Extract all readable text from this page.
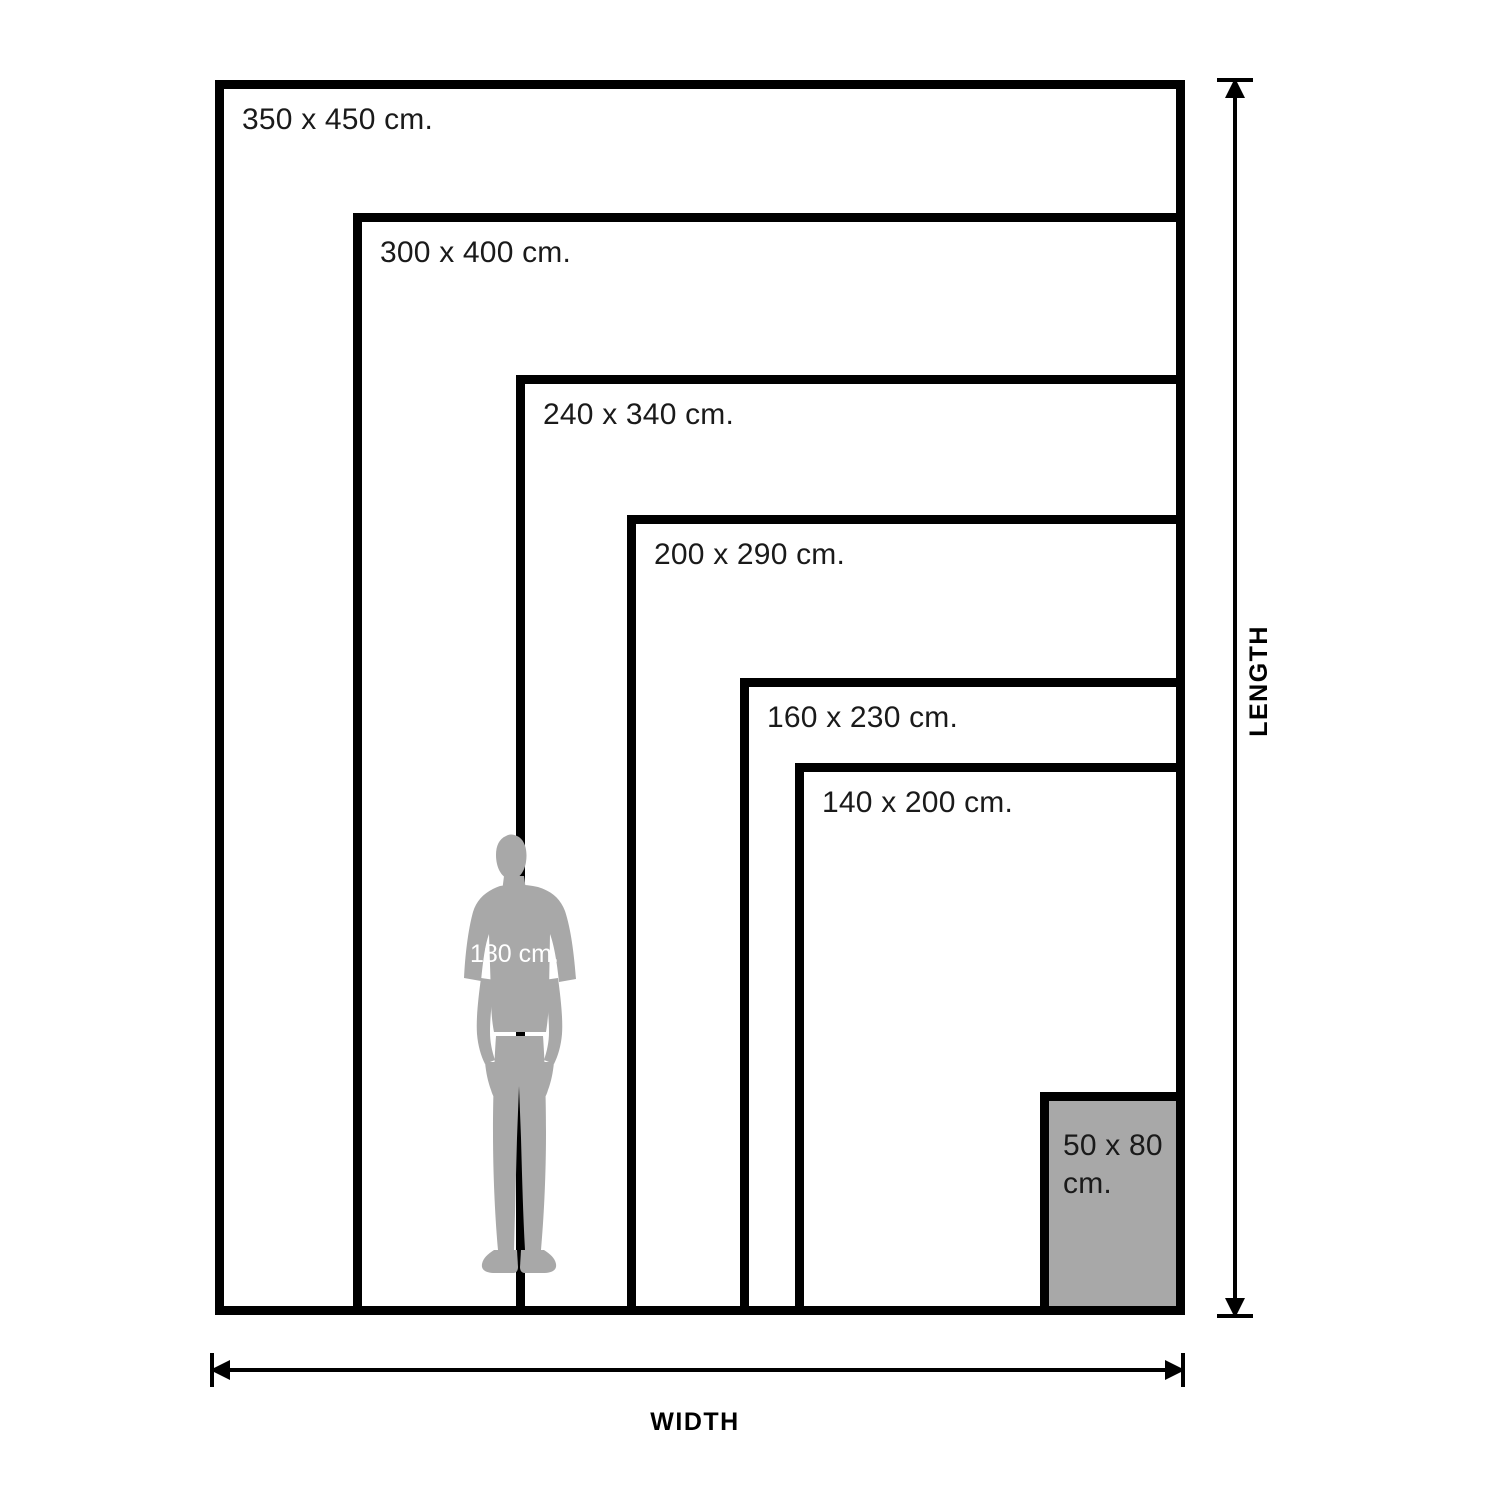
350 x 450 cm.
300 x 400 cm.
240 x 340 cm.
200 x 290 cm.
160 x 230 cm.
140 x 200 cm.
50 x 80 cm.
180 cm.
LENGTH
WIDTH
